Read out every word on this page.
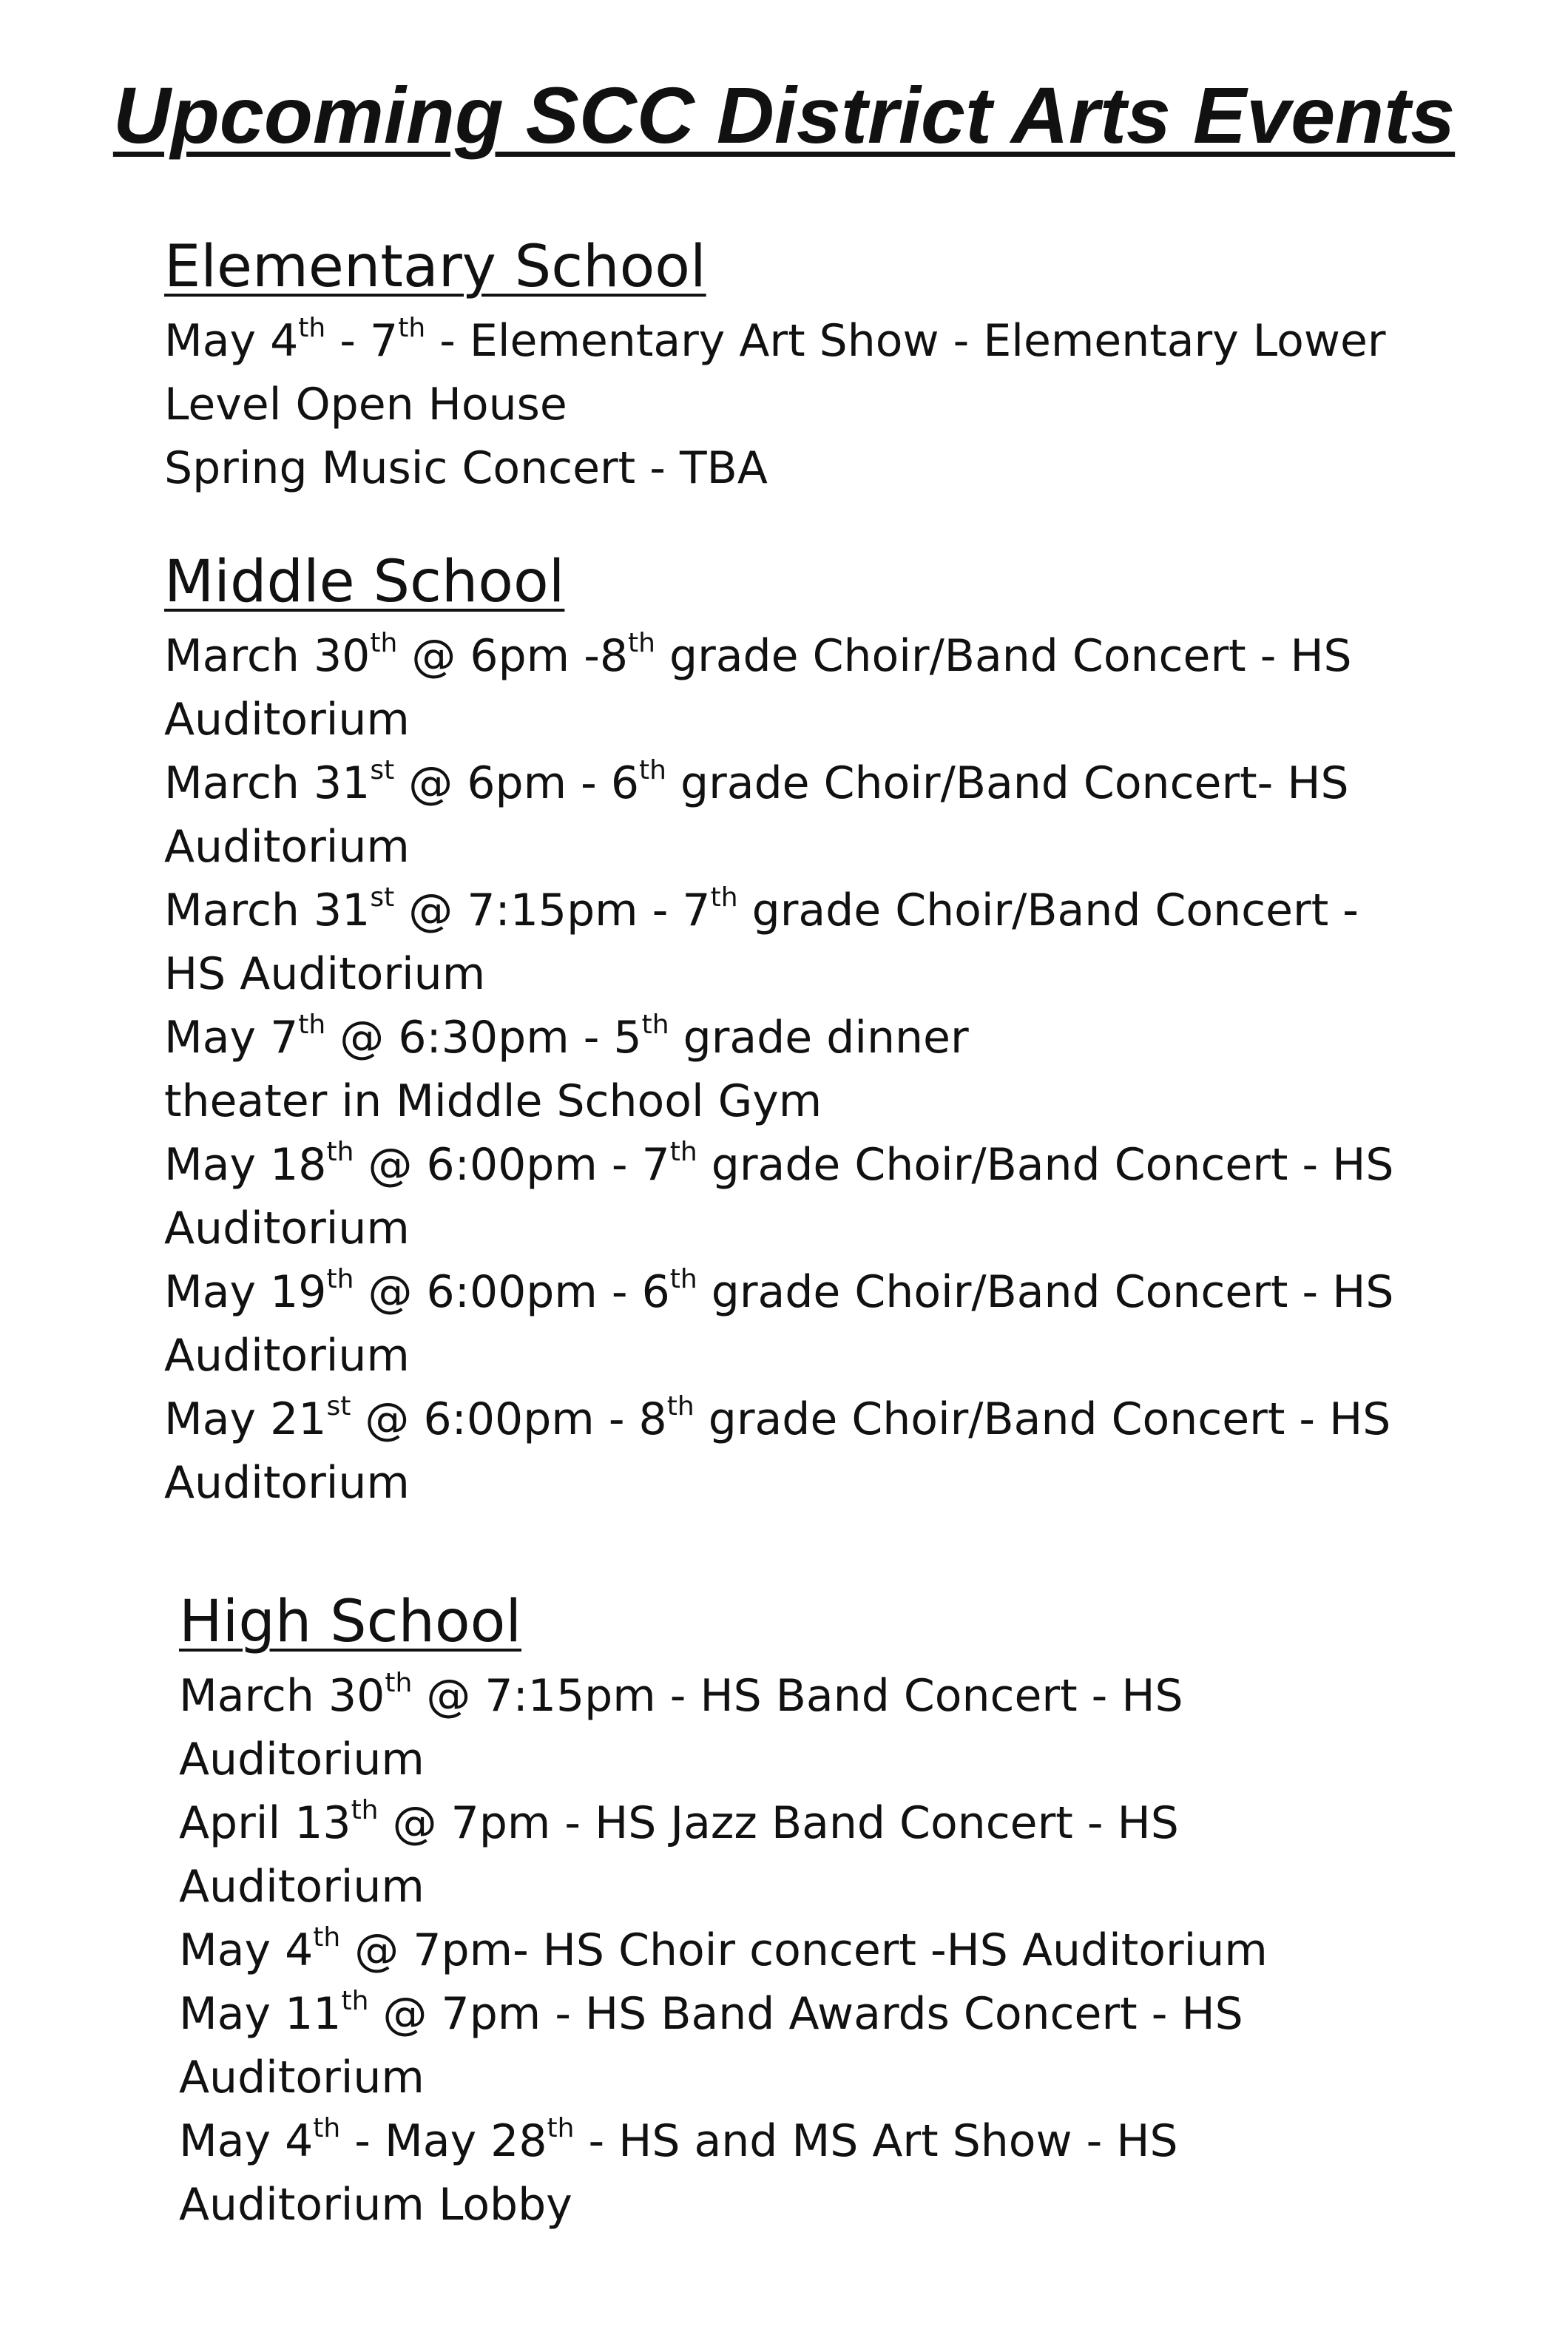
Upcoming SCC District Arts Events
Elementary School

May 4th - 7th - Elementary Art Show - Elementary Lower

Level Open House

Spring Music Concert - TBA

Middle School

March 30th @ 6pm -8th grade Choir/Band Concert - HS

Auditorium

March 31st @ 6pm - 6th grade Choir/Band Concert- HS

Auditorium

March 31st @ 7:15pm - 7th grade Choir/Band Concert -

HS Auditorium

May 7th @ 6:30pm - 5th grade dinner

theater in Middle School Gym

May 18th @ 6:00pm - 7th grade Choir/Band Concert - HS

Auditorium

May 19th @ 6:00pm - 6th grade Choir/Band Concert - HS

Auditorium

May 21st @ 6:00pm - 8th grade Choir/Band Concert - HS

Auditorium

High School

March 30th @ 7:15pm - HS Band Concert - HS

Auditorium

April 13th @ 7pm - HS Jazz Band Concert - HS

Auditorium

May 4th @ 7pm- HS Choir concert -HS Auditorium

May 11th @ 7pm - HS Band Awards Concert - HS

Auditorium

May 4th - May 28th - HS and MS Art Show - HS

Auditorium Lobby
